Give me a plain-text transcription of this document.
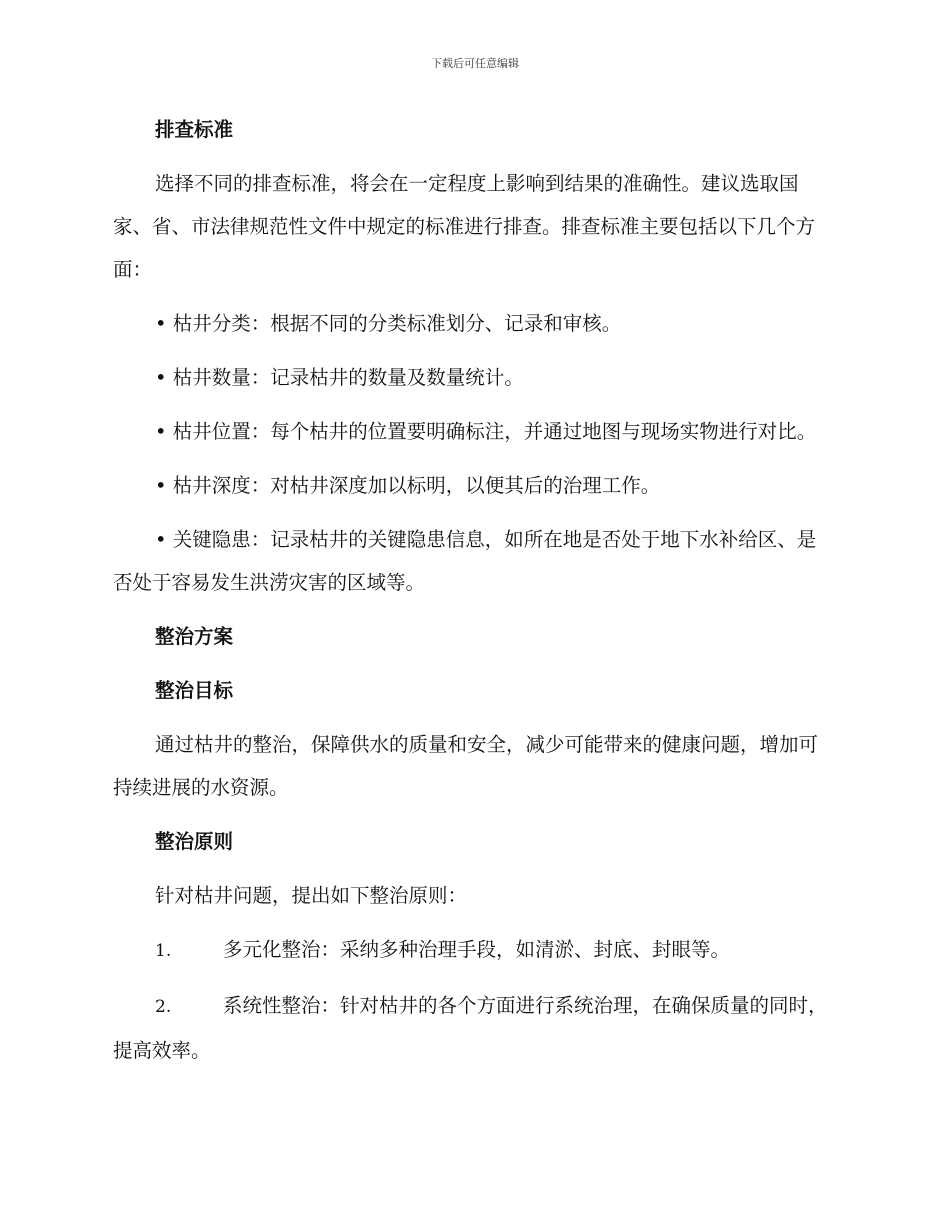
下载后可任意编辑

排查标准

选择不同的排查标准，将会在一定程度上影响到结果的准确性。建议选取国家、省、市法律规范性文件中规定的标准进行排查。排查标准主要包括以下几个方面：

• 枯井分类：根据不同的分类标准划分、记录和审核。

• 枯井数量：记录枯井的数量及数量统计。

• 枯井位置：每个枯井的位置要明确标注，并通过地图与现场实物进行对比。

• 枯井深度：对枯井深度加以标明，以便其后的治理工作。

• 关键隐患：记录枯井的关键隐患信息，如所在地是否处于地下水补给区、是否处于容易发生洪涝灾害的区域等。

整治方案

整治目标

通过枯井的整治，保障供水的质量和安全，减少可能带来的健康问题，增加可持续进展的水资源。

整治原则

针对枯井问题，提出如下整治原则：

1.	多元化整治：采纳多种治理手段，如清淤、封底、封眼等。

2.	系统性整治：针对枯井的各个方面进行系统治理，在确保质量的同时，提高效率。
